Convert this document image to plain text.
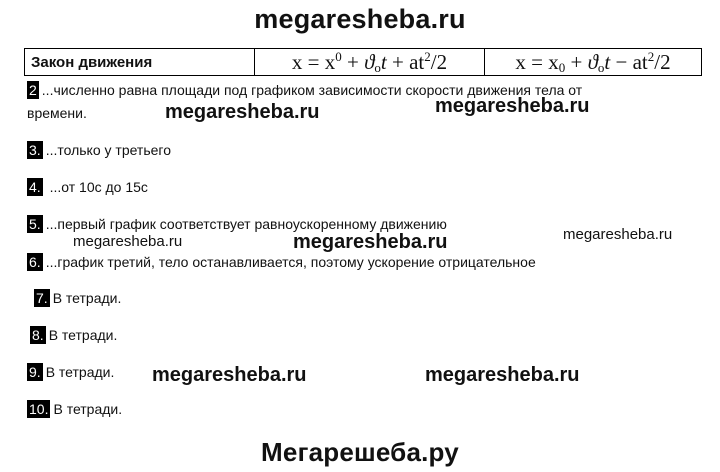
megaresheba.ru
Закон движения	$x = x^0 + ϑ_ot + at^2/2$	$x = x_0 + ϑ_ot - at^2/2$
2 ...численно равна площади под графиком зависимости скорости движения тела от
времени.
3. ...только у третьего
4. ...от 10с до 15с
5. ...первый график соответствует равноускоренному движению
6. ...график третий, тело останавливается, поэтому ускорение отрицательное
7. В тетради.
8. В тетради.
9. В тетради.
10. В тетради.
megaresheba.ru	megaresheba.ru
megaresheba.ru	megaresheba.ru	megaresheba.ru
megaresheba.ru	megaresheba.ru
Мегарешеба.ру
